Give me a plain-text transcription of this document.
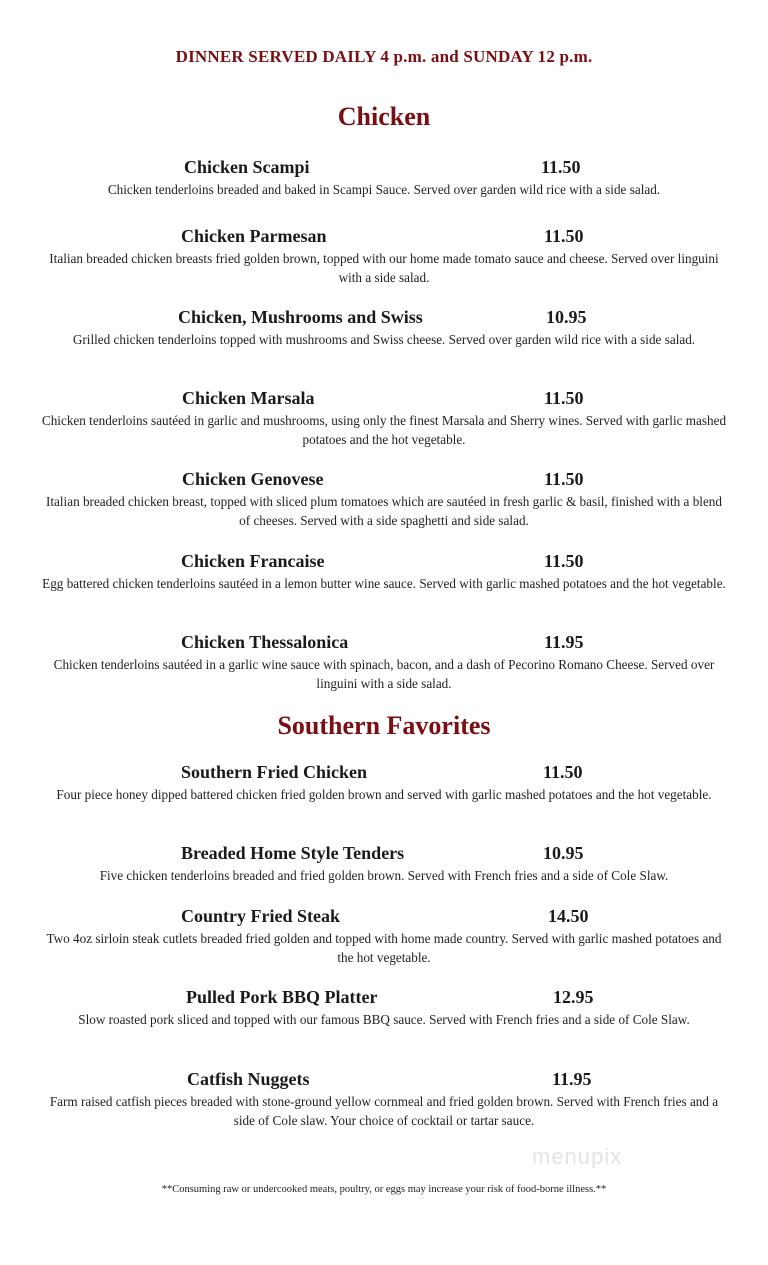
DINNER SERVED DAILY 4 p.m. and SUNDAY 12 p.m.
Chicken
Chicken Scampi	11.50
Chicken tenderloins breaded and baked in Scampi Sauce. Served over garden wild rice with a side salad.
Chicken Parmesan	11.50
Italian breaded chicken breasts fried golden brown, topped with our home made tomato sauce and cheese. Served over linguini with a side salad.
Chicken, Mushrooms and Swiss	10.95
Grilled chicken tenderloins topped with mushrooms and Swiss cheese. Served over garden wild rice with a side salad.
Chicken Marsala	11.50
Chicken tenderloins sautéed in garlic and mushrooms, using only the finest Marsala and Sherry wines. Served with garlic mashed potatoes and the hot vegetable.
Chicken Genovese	11.50
Italian breaded chicken breast, topped with sliced plum tomatoes which are sautéed in fresh garlic & basil, finished with a blend of cheeses. Served with a side spaghetti and side salad.
Chicken Francaise	11.50
Egg battered chicken tenderloins sautéed in a lemon butter wine sauce. Served with garlic mashed potatoes and the hot vegetable.
Chicken Thessalonica	11.95
Chicken tenderloins sautéed in a garlic wine sauce with spinach, bacon, and a dash of Pecorino Romano Cheese. Served over linguini with a side salad.
Southern Favorites
Southern Fried Chicken	11.50
Four piece honey dipped battered chicken fried golden brown and served with garlic mashed potatoes and the hot vegetable.
Breaded Home Style Tenders	10.95
Five chicken tenderloins breaded and fried golden brown. Served with French fries and a side of Cole Slaw.
Country Fried Steak	14.50
Two 4oz sirloin steak cutlets breaded fried golden and topped with home made country. Served with garlic mashed potatoes and the hot vegetable.
Pulled Pork BBQ Platter	12.95
Slow roasted pork sliced and topped with our famous BBQ sauce. Served with French fries and a side of Cole Slaw.
Catfish Nuggets	11.95
Farm raised catfish pieces breaded with stone-ground yellow cornmeal and fried golden brown. Served with French fries and a side of Cole slaw. Your choice of cocktail or tartar sauce.
menupix
**Consuming raw or undercooked meats, poultry, or eggs may increase your risk of food-borne illness.**
